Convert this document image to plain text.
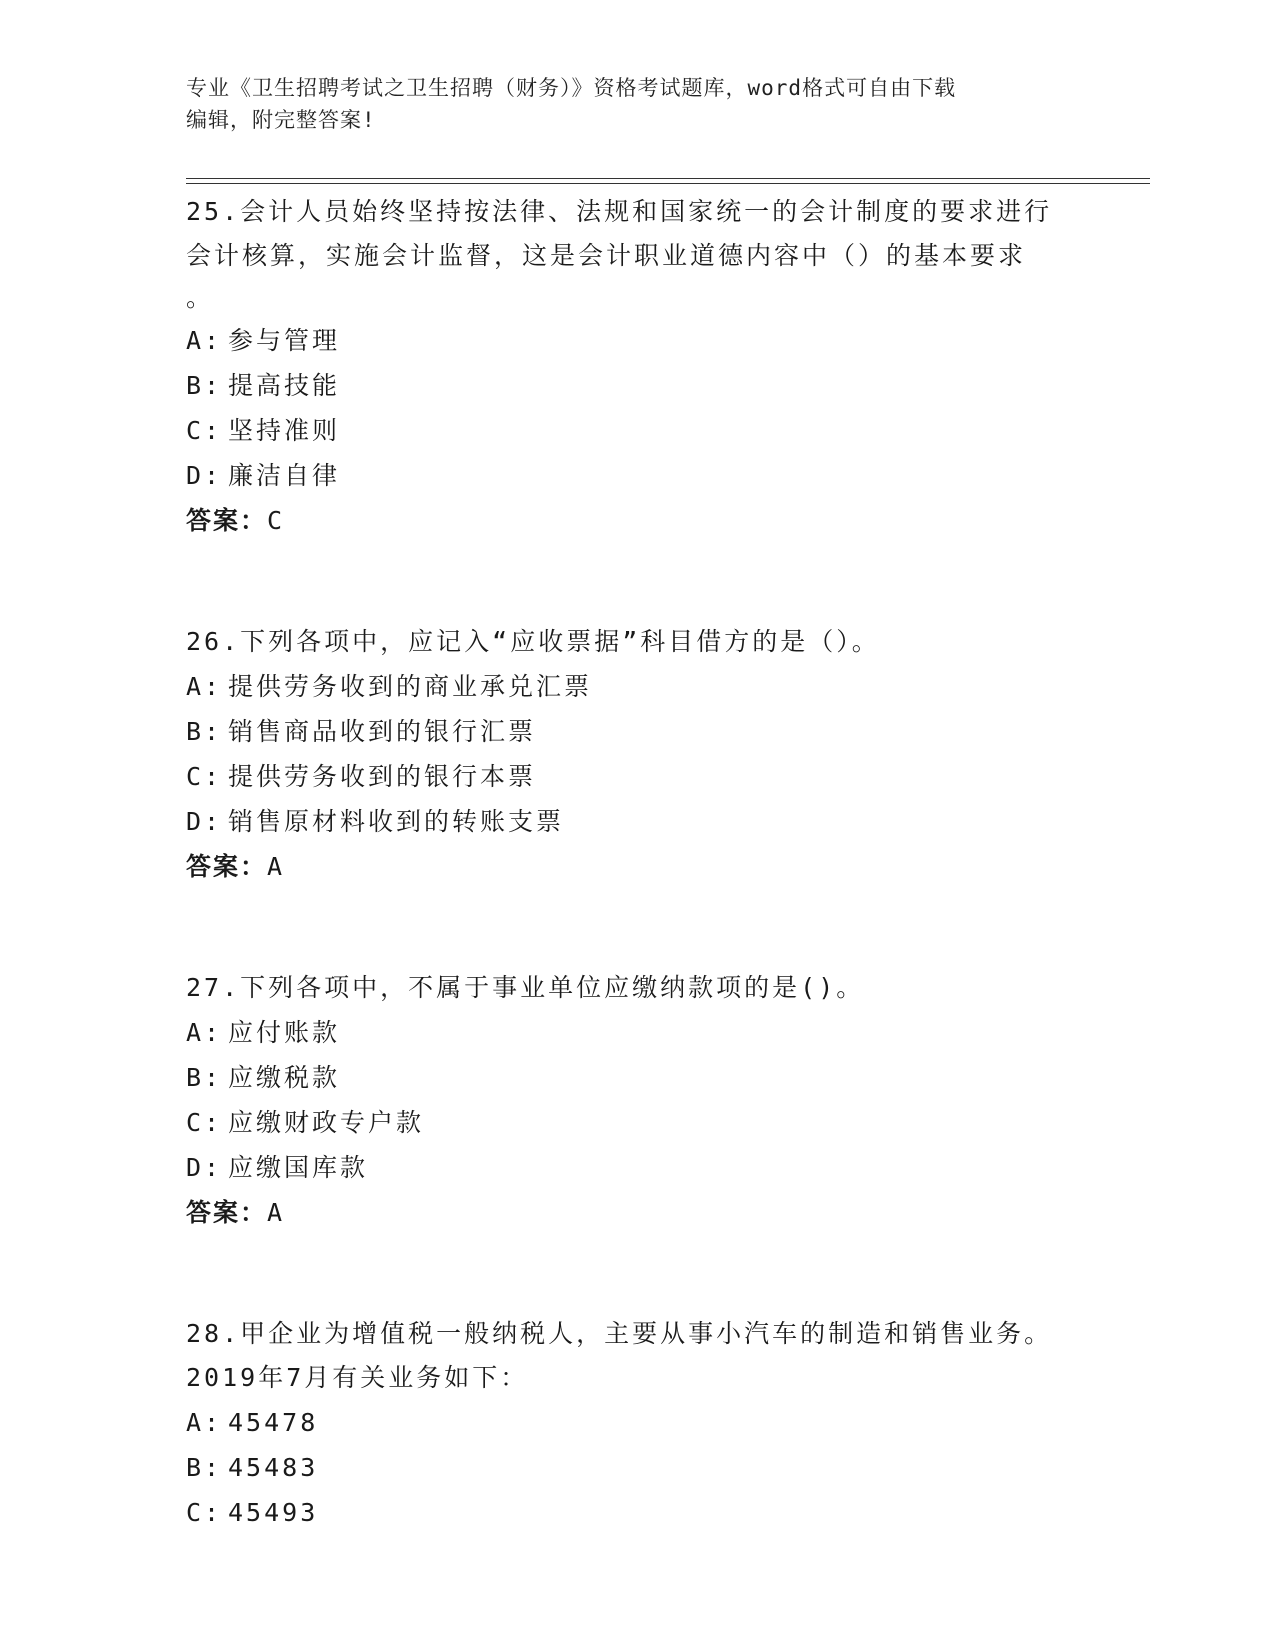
专业《卫生招聘考试之卫生招聘（财务）》资格考试题库，word格式可自由下载
编辑，附完整答案!

25.会计人员始终坚持按法律、法规和国家统一的会计制度的要求进行

会计核算，实施会计监督，这是会计职业道德内容中（）的基本要求

。

A: 参与管理

B: 提高技能

C: 坚持准则

D: 廉洁自律

答案：C

26.下列各项中，应记入“应收票据”科目借方的是（）。

A: 提供劳务收到的商业承兑汇票

B: 销售商品收到的银行汇票

C: 提供劳务收到的银行本票

D: 销售原材料收到的转账支票

答案：A

27.下列各项中，不属于事业单位应缴纳款项的是()。

A: 应付账款

B: 应缴税款

C: 应缴财政专户款

D: 应缴国库款

答案：A

28.甲企业为增值税一般纳税人，主要从事小汽车的制造和销售业务。

2019年7月有关业务如下：

A: 45478

B: 45483

C: 45493
